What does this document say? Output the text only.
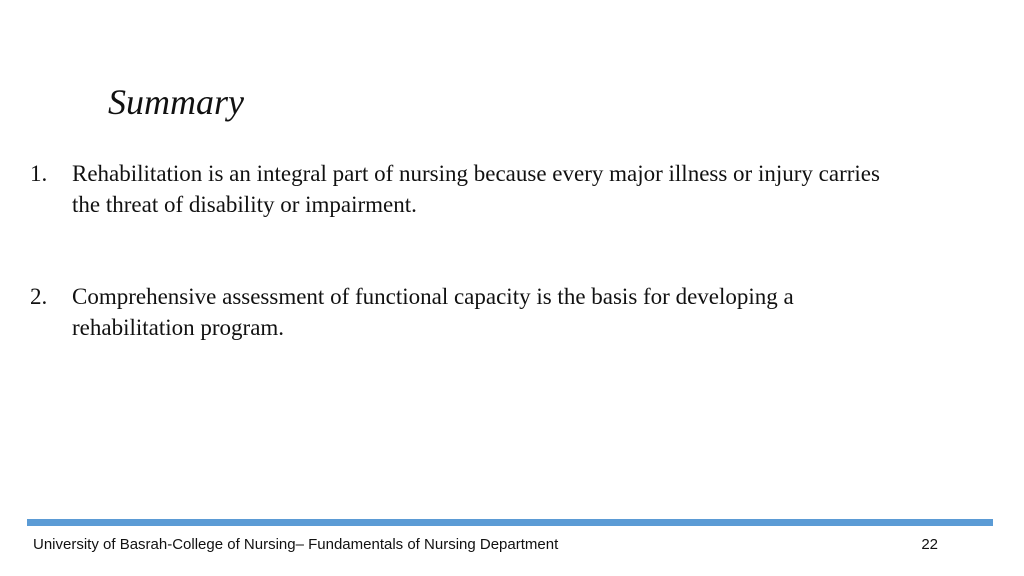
Summary
1. Rehabilitation is an integral part of nursing because every major illness or injury carries the threat of disability or impairment.
2. Comprehensive assessment of functional capacity is the basis for developing a rehabilitation program.
University of Basrah-College of Nursing– Fundamentals of Nursing Department	22
